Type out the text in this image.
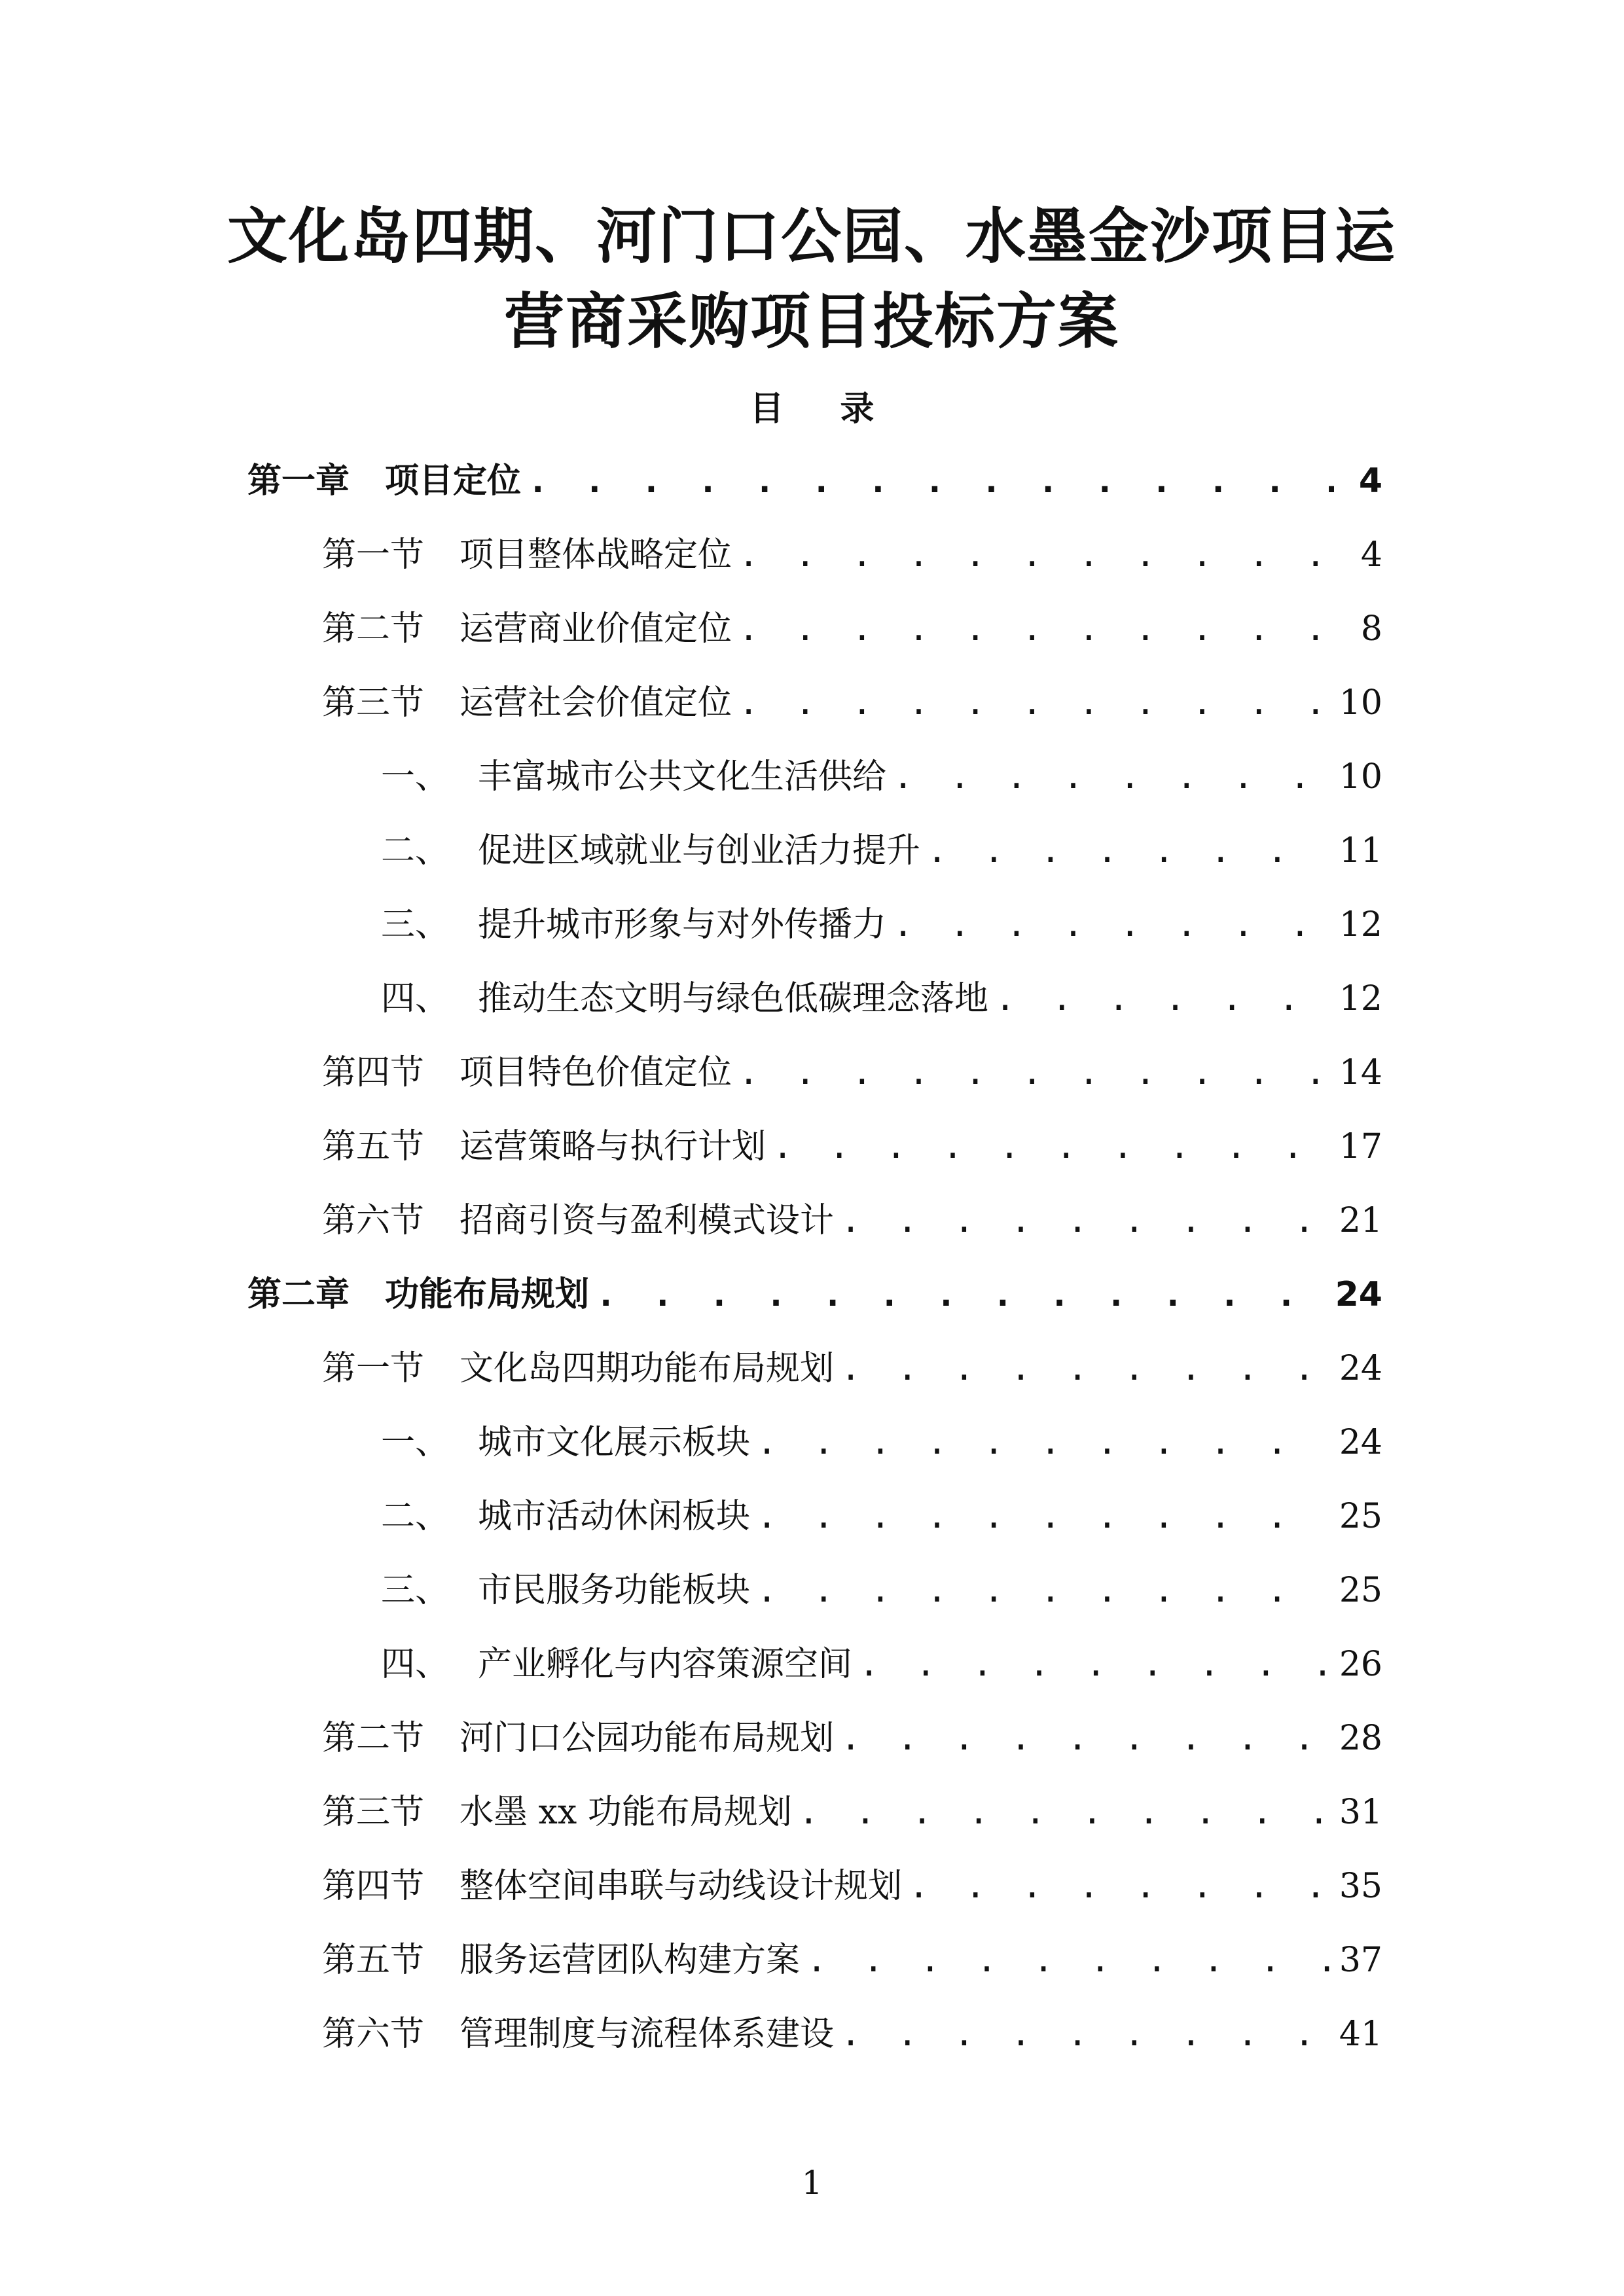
文化岛四期、河门口公园、水墨金沙项目运
营商采购项目投标方案
目 录
第一章	项目定位 . . .	4
第一节	项目整体战略定位 . . .	4
第二节	运营商业价值定位 . . .	8
第三节	运营社会价值定位 . . .	10
一、 丰富城市公共文化生活供给 . . .	10
二、 促进区域就业与创业活力提升 . . .	11
三、 提升城市形象与对外传播力 . . .	12
四、 推动生态文明与绿色低碳理念落地 . . .	12
第四节	项目特色价值定位 . . .	14
第五节	运营策略与执行计划 . . .	17
第六节	招商引资与盈利模式设计 . . .	21
第二章	功能布局规划 . . .	24
第一节	文化岛四期功能布局规划 . . .	24
一、 城市文化展示板块 . . .	24
二、 城市活动休闲板块 . . .	25
三、 市民服务功能板块 . . .	25
四、 产业孵化与内容策源空间 . . .	26
第二节	河门口公园功能布局规划 . . .	28
第三节	水墨 xx 功能布局规划 . . .	31
第四节	整体空间串联与动线设计规划 . . .	35
第五节	服务运营团队构建方案 . . .	37
第六节	管理制度与流程体系建设 . . .	41
1
